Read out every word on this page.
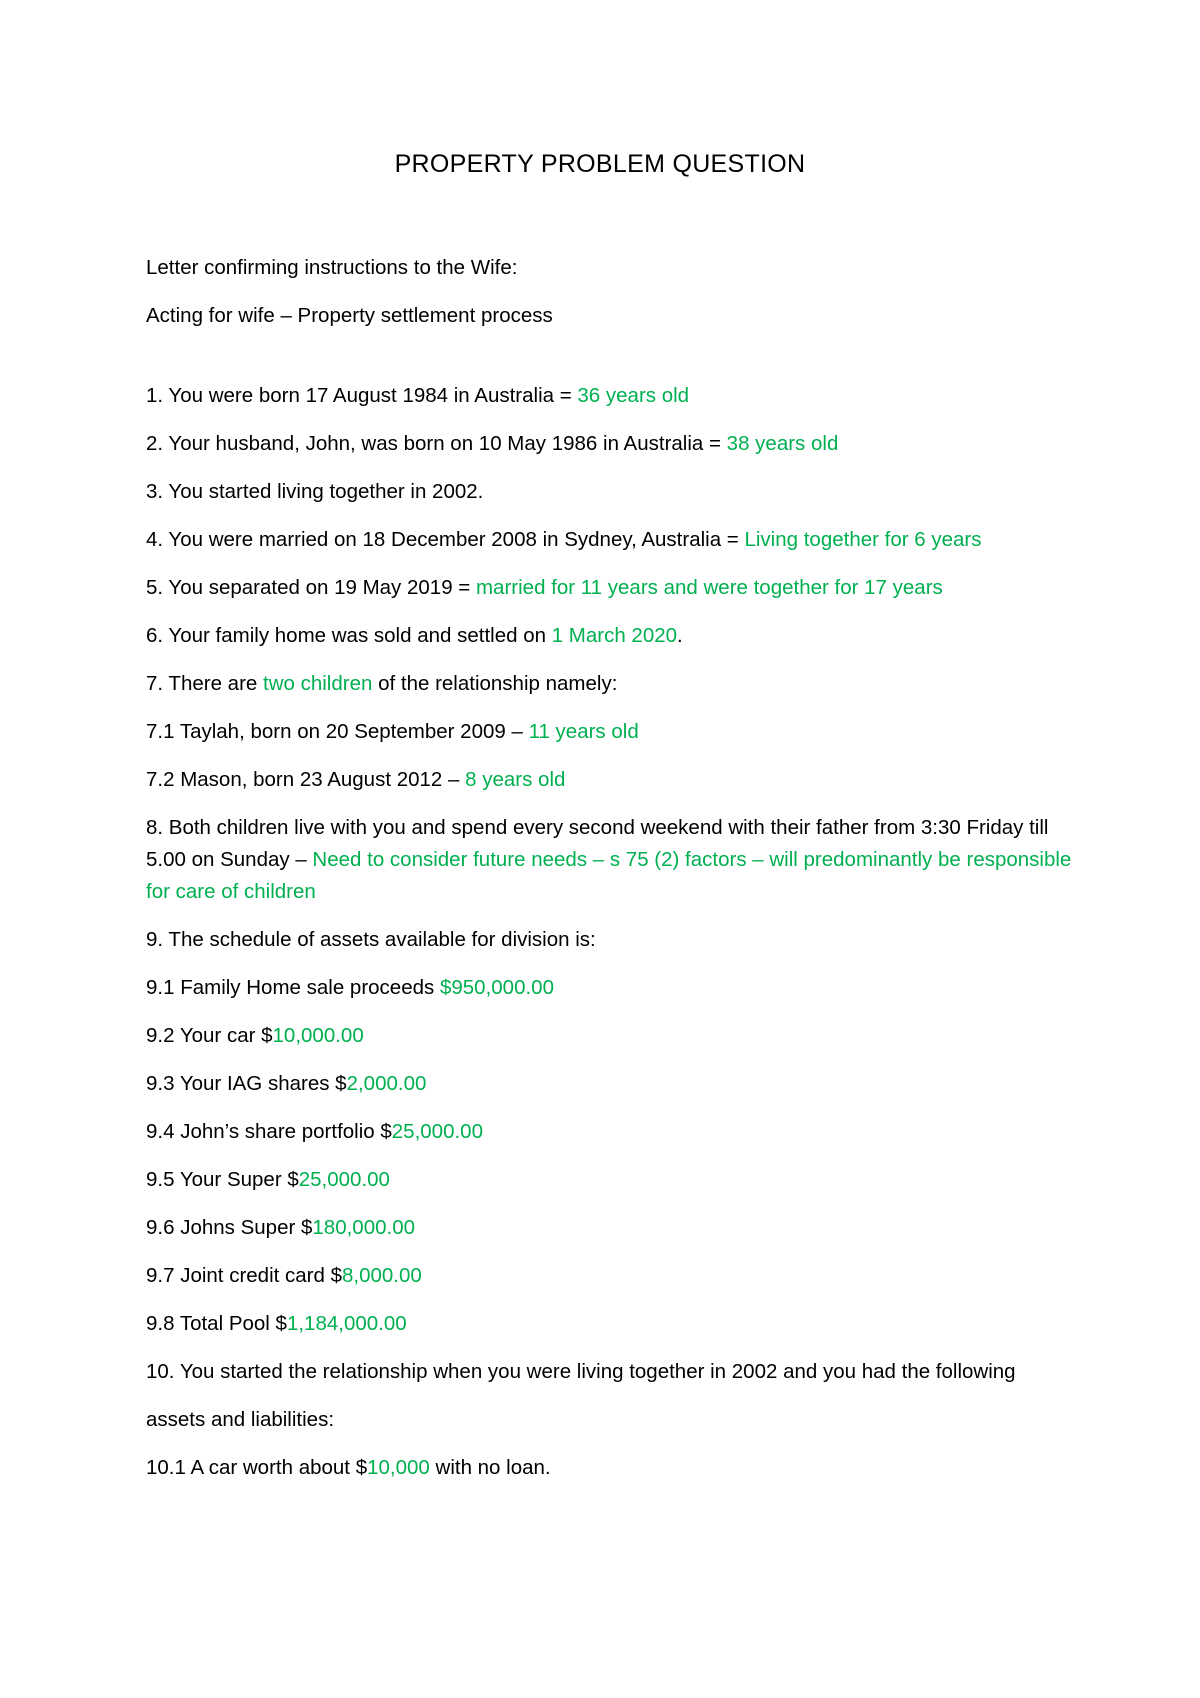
PROPERTY PROBLEM QUESTION

Letter confirming instructions to the Wife:

Acting for wife – Property settlement process

1. You were born 17 August 1984 in Australia = 36 years old

2. Your husband, John, was born on 10 May 1986 in Australia = 38 years old

3. You started living together in 2002.

4. You were married on 18 December 2008 in Sydney, Australia = Living together for 6 years

5. You separated on 19 May 2019 = married for 11 years and were together for 17 years

6. Your family home was sold and settled on 1 March 2020.

7. There are two children of the relationship namely:

7.1 Taylah, born on 20 September 2009 – 11 years old

7.2 Mason, born 23 August 2012 – 8 years old

8. Both children live with you and spend every second weekend with their father from 3:30 Friday till 5.00 on Sunday – Need to consider future needs – s 75 (2) factors – will predominantly be responsible for care of children

9. The schedule of assets available for division is:

9.1 Family Home sale proceeds $950,000.00

9.2 Your car $10,000.00

9.3 Your IAG shares $2,000.00

9.4 John’s share portfolio $25,000.00

9.5 Your Super $25,000.00

9.6 Johns Super $180,000.00

9.7 Joint credit card $8,000.00

9.8 Total Pool $1,184,000.00

10. You started the relationship when you were living together in 2002 and you had the following

assets and liabilities:

10.1 A car worth about $10,000 with no loan.
